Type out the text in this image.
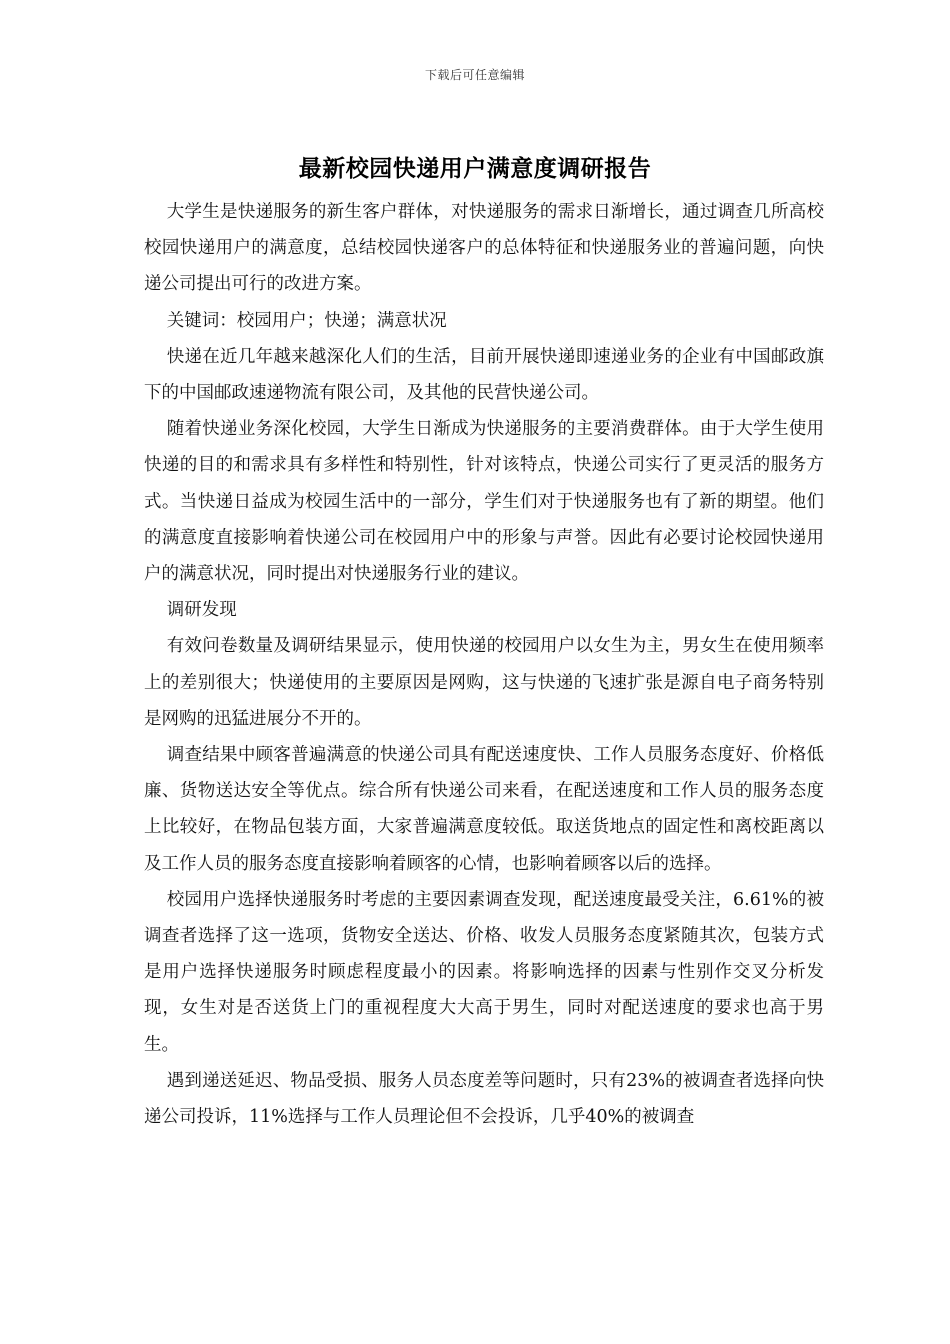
下载后可任意编辑
最新校园快递用户满意度调研报告

大学生是快递服务的新生客户群体，对快递服务的需求日渐增长，通过调查几所高校校园快递用户的满意度，总结校园快递客户的总体特征和快递服务业的普遍问题，向快递公司提出可行的改进方案。

关键词：校园用户；快递；满意状况

快递在近几年越来越深化人们的生活，目前开展快递即速递业务的企业有中国邮政旗下的中国邮政速递物流有限公司，及其他的民营快递公司。

随着快递业务深化校园，大学生日渐成为快递服务的主要消费群体。由于大学生使用快递的目的和需求具有多样性和特别性，针对该特点，快递公司实行了更灵活的服务方式。当快递日益成为校园生活中的一部分，学生们对于快递服务也有了新的期望。他们的满意度直接影响着快递公司在校园用户中的形象与声誉。因此有必要讨论校园快递用户的满意状况，同时提出对快递服务行业的建议。

调研发现

有效问卷数量及调研结果显示，使用快递的校园用户以女生为主，男女生在使用频率上的差别很大；快递使用的主要原因是网购，这与快递的飞速扩张是源自电子商务特别是网购的迅猛进展分不开的。

调查结果中顾客普遍满意的快递公司具有配送速度快、工作人员服务态度好、价格低廉、货物送达安全等优点。综合所有快递公司来看，在配送速度和工作人员的服务态度上比较好，在物品包装方面，大家普遍满意度较低。取送货地点的固定性和离校距离以及工作人员的服务态度直接影响着顾客的心情，也影响着顾客以后的选择。

校园用户选择快递服务时考虑的主要因素调查发现，配送速度最受关注，6.61%的被调查者选择了这一选项，货物安全送达、价格、收发人员服务态度紧随其次，包装方式是用户选择快递服务时顾虑程度最小的因素。将影响选择的因素与性别作交叉分析发现，女生对是否送货上门的重视程度大大高于男生，同时对配送速度的要求也高于男生。

遇到递送延迟、物品受损、服务人员态度差等问题时，只有23%的被调查者选择向快递公司投诉，11%选择与工作人员理论但不会投诉，几乎40%的被调查
